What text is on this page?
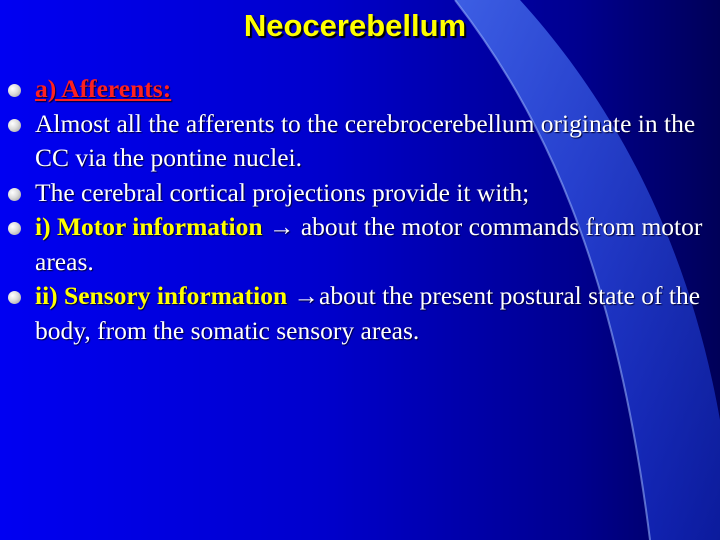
Neocerebellum
a) Afferents:
Almost all the afferents to the cerebrocerebellum originate in the CC via the pontine nuclei.
The cerebral cortical projections provide it with;
i) Motor information → about the motor commands from motor areas.
ii) Sensory information →about the present postural state of the body, from the somatic sensory areas.
